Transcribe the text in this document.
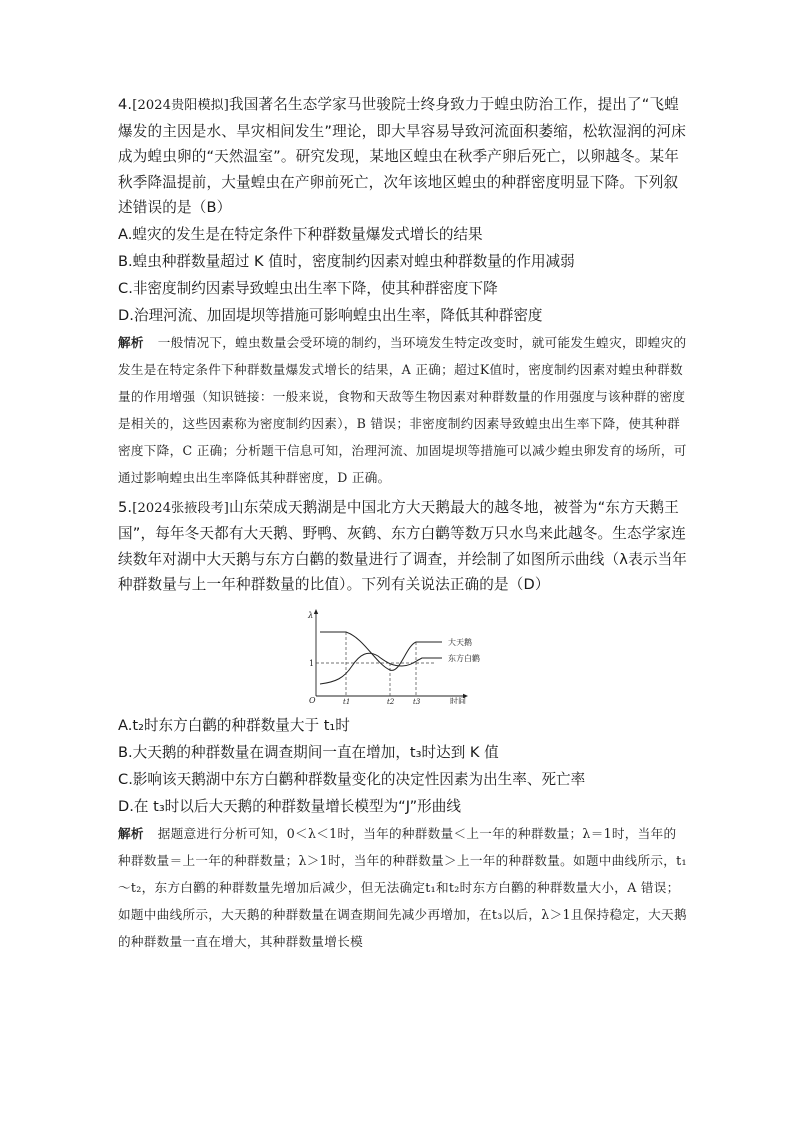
4.[2024贵阳模拟]我国著名生态学家马世骏院士终身致力于蝗虫防治工作，提出了“飞蝗爆发的主因是水、旱灾相间发生”理论，即大旱容易导致河流面积萎缩，松软湿润的河床成为蝗虫卵的“天然温室”。研究发现，某地区蝗虫在秋季产卵后死亡，以卵越冬。某年秋季降温提前，大量蝗虫在产卵前死亡，次年该地区蝗虫的种群密度明显下降。下列叙述错误的是（B）

A.蝗灾的发生是在特定条件下种群数量爆发式增长的结果

B.蝗虫种群数量超过 K 值时，密度制约因素对蝗虫种群数量的作用减弱

C.非密度制约因素导致蝗虫出生率下降，使其种群密度下降

D.治理河流、加固堤坝等措施可影响蝗虫出生率，降低其种群密度

解析 一般情况下，蝗虫数量会受环境的制约，当环境发生特定改变时，就可能发生蝗灾，即蝗灾的发生是在特定条件下种群数量爆发式增长的结果，A 正确；超过K值时，密度制约因素对蝗虫种群数量的作用增强（知识链接：一般来说，食物和天敌等生物因素对种群数量的作用强度与该种群的密度是相关的，这些因素称为密度制约因素），B 错误；非密度制约因素导致蝗虫出生率下降，使其种群密度下降，C 正确；分析题干信息可知，治理河流、加固堤坝等措施可以减少蝗虫卵发育的场所，可通过影响蝗虫出生率降低其种群密度，D 正确。

5.[2024张掖段考]山东荣成天鹅湖是中国北方大天鹅最大的越冬地，被誉为“东方天鹅王国”，每年冬天都有大天鹅、野鸭、灰鹤、东方白鹳等数万只水鸟来此越冬。生态学家连续数年对湖中大天鹅与东方白鹳的数量进行了调查，并绘制了如图所示曲线（λ表示当年种群数量与上一年种群数量的比值）。下列有关说法正确的是（D）

λ
1
O	t1	t2	t3	时间
大天鹅
东方白鹳

A.t₂时东方白鹳的种群数量大于 t₁时

B.大天鹅的种群数量在调查期间一直在增加，t₃时达到 K 值

C.影响该天鹅湖中东方白鹳种群数量变化的决定性因素为出生率、死亡率

D.在 t₃时以后大天鹅的种群数量增长模型为“J”形曲线

解析 据题意进行分析可知，0＜λ＜1时，当年的种群数量＜上一年的种群数量；λ＝1时，当年的种群数量＝上一年的种群数量；λ＞1时，当年的种群数量＞上一年的种群数量。如题中曲线所示，t₁～t₂，东方白鹳的种群数量先增加后减少，但无法确定t₁和t₂时东方白鹳的种群数量大小，A 错误；如题中曲线所示，大天鹅的种群数量在调查期间先减少再增加，在t₃以后，λ＞1且保持稳定，大天鹅的种群数量一直在增大，其种群数量增长模
